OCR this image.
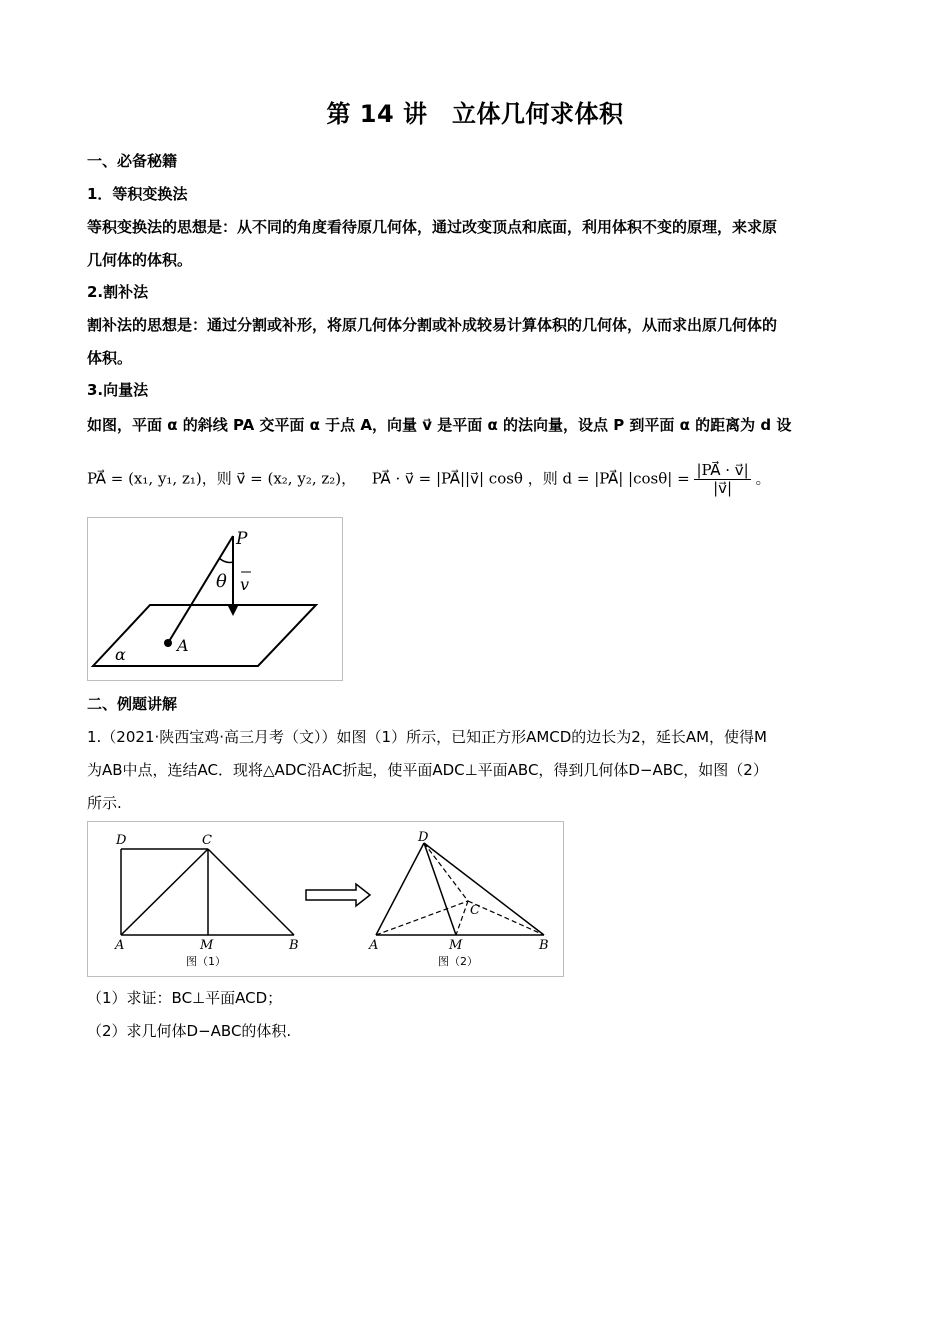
第 14 讲　立体几何求体积
一、必备秘籍
1．等积变换法
等积变换法的思想是：从不同的角度看待原几何体，通过改变顶点和底面，利用体积不变的原理，来求原
几何体的体积。
2.割补法
割补法的思想是：通过分割或补形，将原几何体分割或补成较易计算体积的几何体，从而求出原几何体的
体积。
3.向量法
如图，平面 α 的斜线 PA 交平面 α 于点 A，向量 v⃗ 是平面 α 的法向量，设点 P 到平面 α 的距离为 d 设
PA⃗ = (x₁, y₁, z₁)，则 v⃗ = (x₂, y₂, z₂)， PA⃗ · v⃗ = |PA⃗||v⃗| cosθ ，则 d = |PA⃗| $|\cos\theta| = \frac{|PA⃗ \cdot v⃗|}{|v⃗|}$ 。
P
θ v
A
α
二、例题讲解
1.（2021·陕西宝鸡·高三月考（文））如图（1）所示，已知正方形AMCD的边长为2，延长AM，使得M
为AB中点，连结AC．现将△ADC沿AC折起，使平面ADC⊥平面ABC，得到几何体D−ABC，如图（2）
所示.
D	C
A	M	B
图（1）
D
C
A	M	B
图（2）
（1）求证：BC⊥平面ACD；
（2）求几何体D−ABC的体积.
